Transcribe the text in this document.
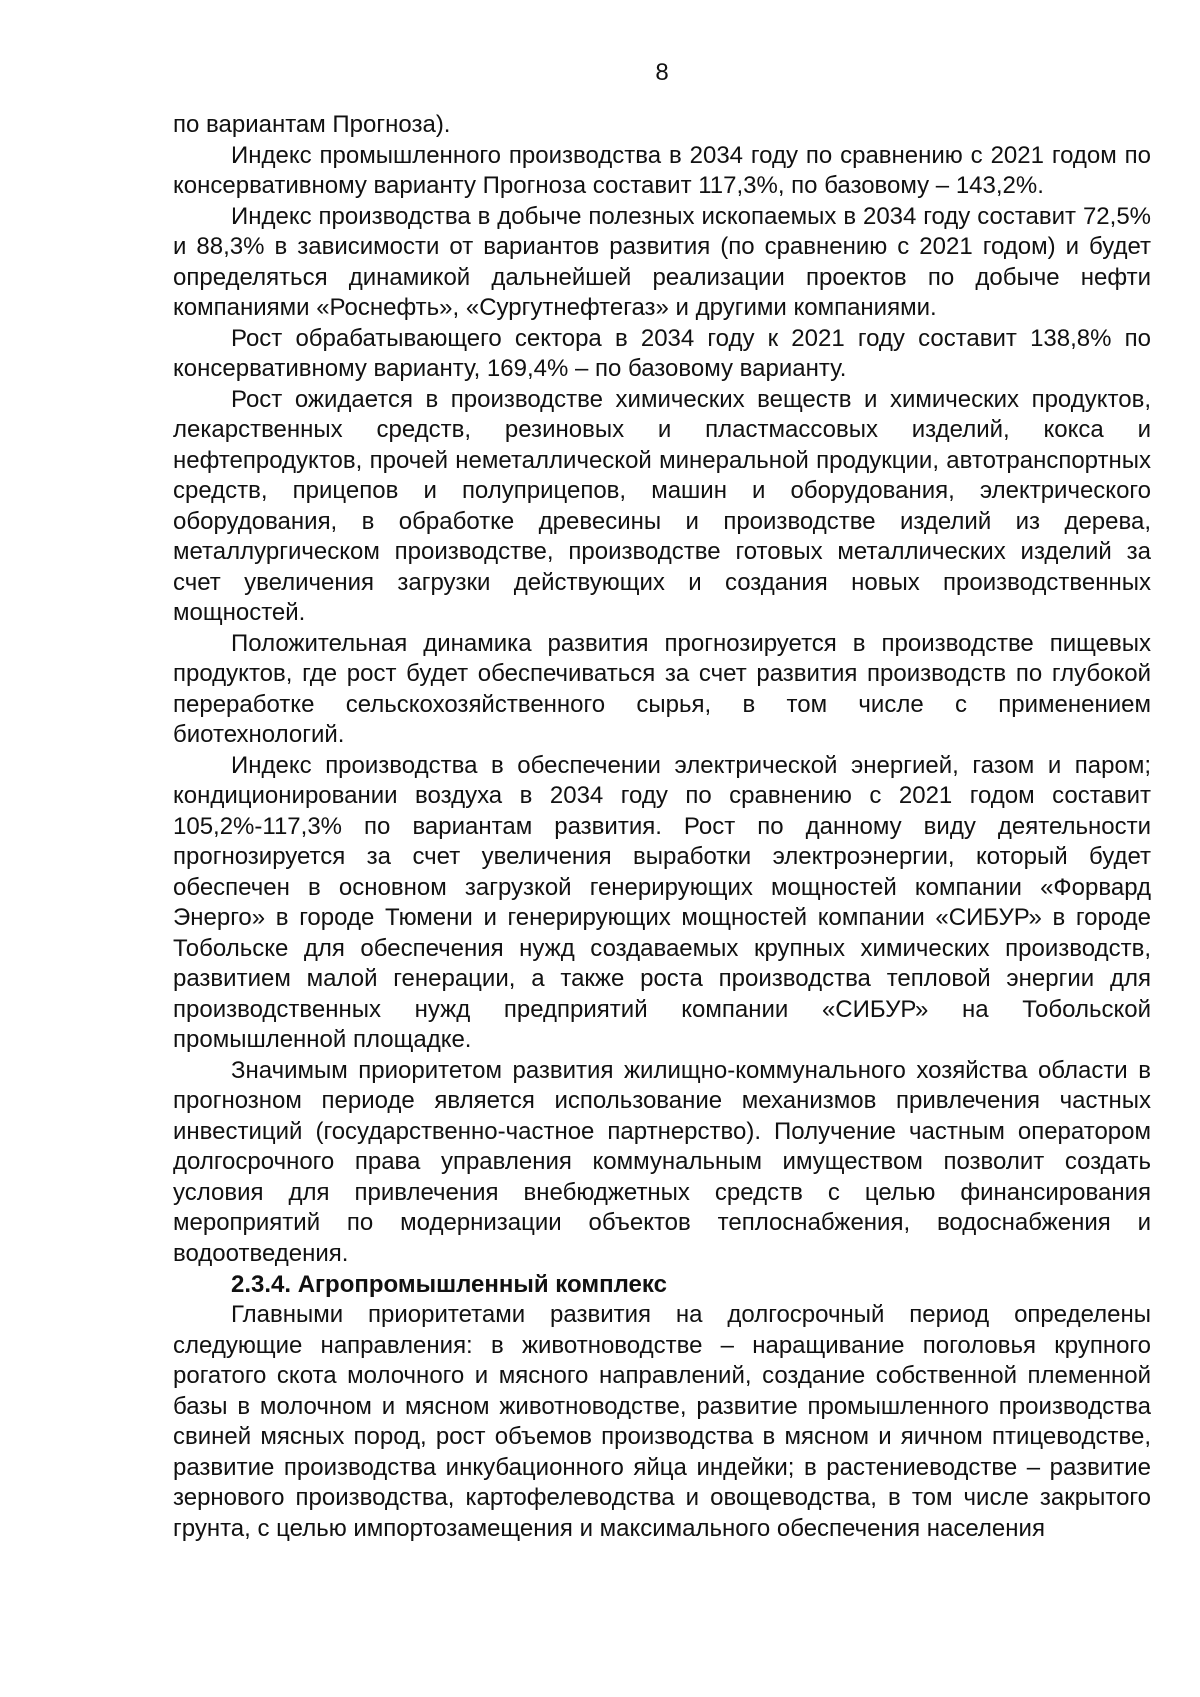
8

по вариантам Прогноза).

Индекс промышленного производства в 2034 году по сравнению с 2021 годом по консервативному варианту Прогноза составит 117,3%, по базовому – 143,2%.

Индекс производства в добыче полезных ископаемых в 2034 году составит 72,5% и 88,3% в зависимости от вариантов развития (по сравнению с 2021 годом) и будет определяться динамикой дальнейшей реализации проектов по добыче нефти компаниями «Роснефть», «Сургутнефтегаз» и другими компаниями.

Рост обрабатывающего сектора в 2034 году к 2021 году составит 138,8% по консервативному варианту, 169,4% – по базовому варианту.

Рост ожидается в производстве химических веществ и химических продуктов, лекарственных средств, резиновых и пластмассовых изделий, кокса и нефтепродуктов, прочей неметаллической минеральной продукции, автотранспортных средств, прицепов и полуприцепов, машин и оборудования, электрического оборудования, в обработке древесины и производстве изделий из дерева, металлургическом производстве, производстве готовых металлических изделий за счет увеличения загрузки действующих и создания новых производственных мощностей.

Положительная динамика развития прогнозируется в производстве пищевых продуктов, где рост будет обеспечиваться за счет развития производств по глубокой переработке сельскохозяйственного сырья, в том числе с применением биотехнологий.

Индекс производства в обеспечении электрической энергией, газом и паром; кондиционировании воздуха в 2034 году по сравнению с 2021 годом составит 105,2%-117,3% по вариантам развития. Рост по данному виду деятельности прогнозируется за счет увеличения выработки электроэнергии, который будет обеспечен в основном загрузкой генерирующих мощностей компании «Форвард Энерго» в городе Тюмени и генерирующих мощностей компании «СИБУР» в городе Тобольске для обеспечения нужд создаваемых крупных химических производств, развитием малой генерации, а также роста производства тепловой энергии для производственных нужд предприятий компании «СИБУР» на Тобольской промышленной площадке.

Значимым приоритетом развития жилищно-коммунального хозяйства области в прогнозном периоде является использование механизмов привлечения частных инвестиций (государственно-частное партнерство). Получение частным оператором долгосрочного права управления коммунальным имуществом позволит создать условия для привлечения внебюджетных средств с целью финансирования мероприятий по модернизации объектов теплоснабжения, водоснабжения и водоотведения.

2.3.4. Агропромышленный комплекс

Главными приоритетами развития на долгосрочный период определены следующие направления: в животноводстве – наращивание поголовья крупного рогатого скота молочного и мясного направлений, создание собственной племенной базы в молочном и мясном животноводстве, развитие промышленного производства свиней мясных пород, рост объемов производства в мясном и яичном птицеводстве, развитие производства инкубационного яйца индейки; в растениеводстве – развитие зернового производства, картофелеводства и овощеводства, в том числе закрытого грунта, с целью импортозамещения и максимального обеспечения населения
